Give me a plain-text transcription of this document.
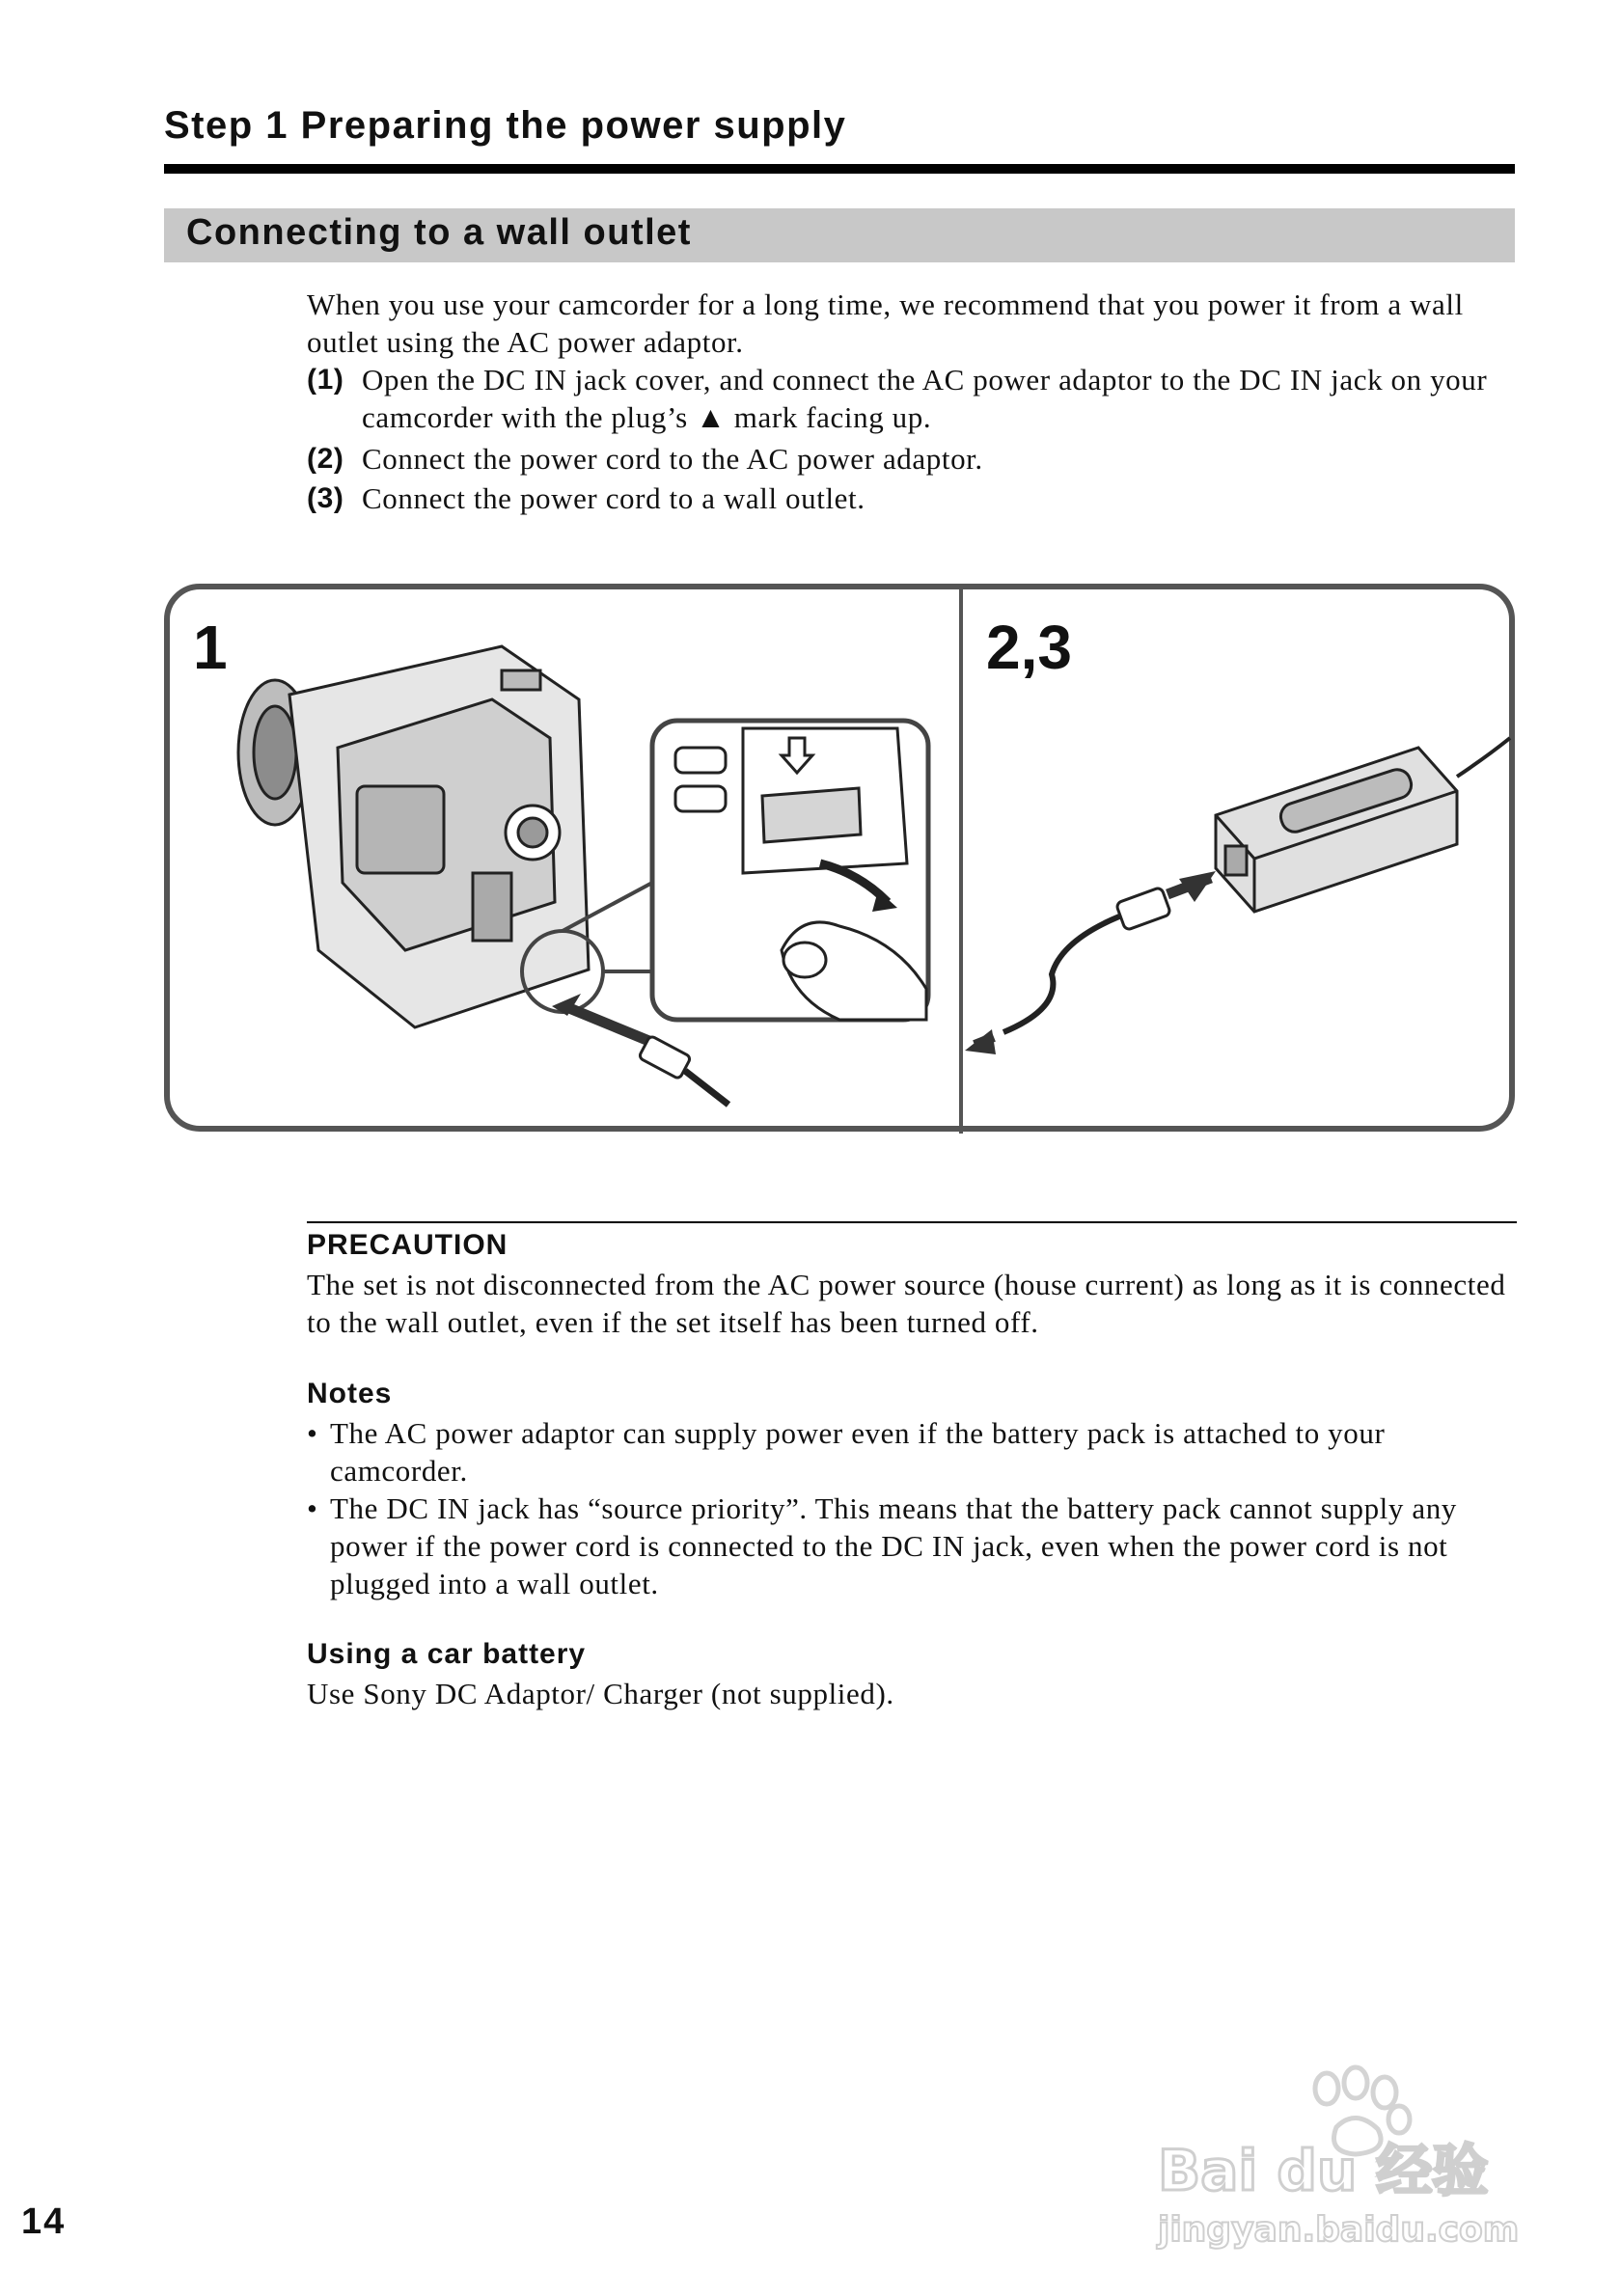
Step 1 Preparing the power supply
Connecting to a wall outlet
When you use your camcorder for a long time, we recommend that you power it from a wall outlet using the AC power adaptor.
(1) Open the DC IN jack cover, and connect the AC power adaptor to the DC IN jack on your camcorder with the plug’s ▲ mark facing up.
(2) Connect the power cord to the AC power adaptor.
(3) Connect the power cord to a wall outlet.
1	2,3
PRECAUTION
The set is not disconnected from the AC power source (house current) as long as it is connected to the wall outlet, even if the set itself has been turned off.
Notes
• The AC power adaptor can supply power even if the battery pack is attached to your camcorder.
• The DC IN jack has “source priority”. This means that the battery pack cannot supply any power if the power cord is connected to the DC IN jack, even when the power cord is not plugged into a wall outlet.
Using a car battery
Use Sony DC Adaptor/ Charger (not supplied).
14
Bai du 经验
jingyan.baidu.com
